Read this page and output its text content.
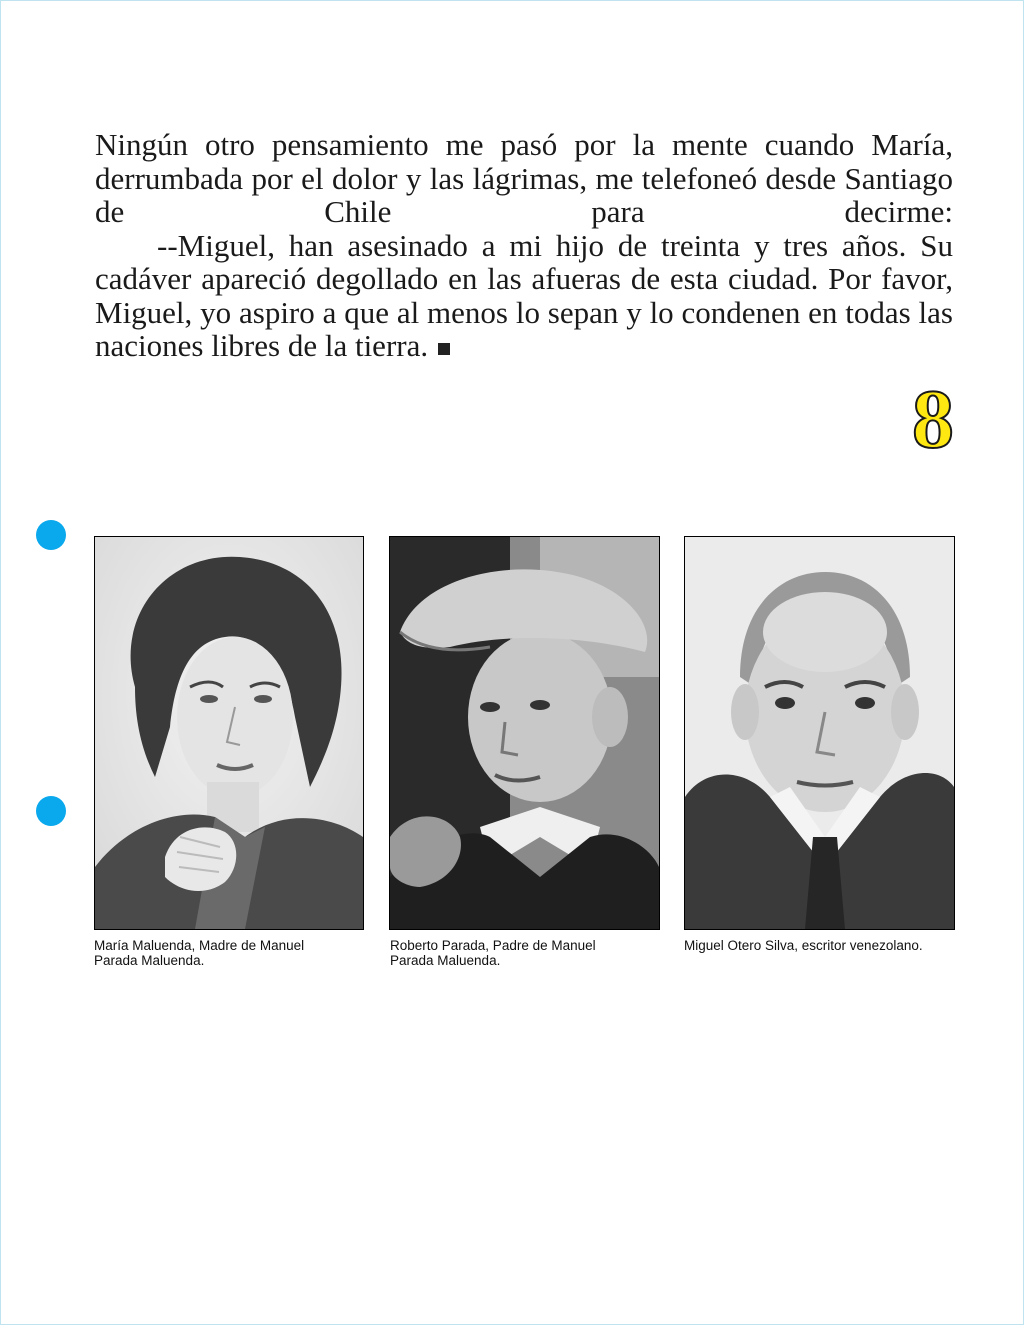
Ningún otro pensamiento me pasó por la mente cuando María, derrumbada por el dolor y las lágrimas, me telefoneó desde Santiago de Chile para decirme:

--Miguel, han asesinado a mi hijo de treinta y tres años. Su cadáver apareció degollado en las afueras de esta ciudad. Por favor, Miguel, yo aspiro a que al menos lo sepan y lo condenen en todas las naciones libres de la tierra.

8
María Maluenda, Madre de Manuel Parada Maluenda.
Roberto Parada, Padre de Manuel Parada Maluenda.
Miguel Otero Silva, escritor venezolano.
